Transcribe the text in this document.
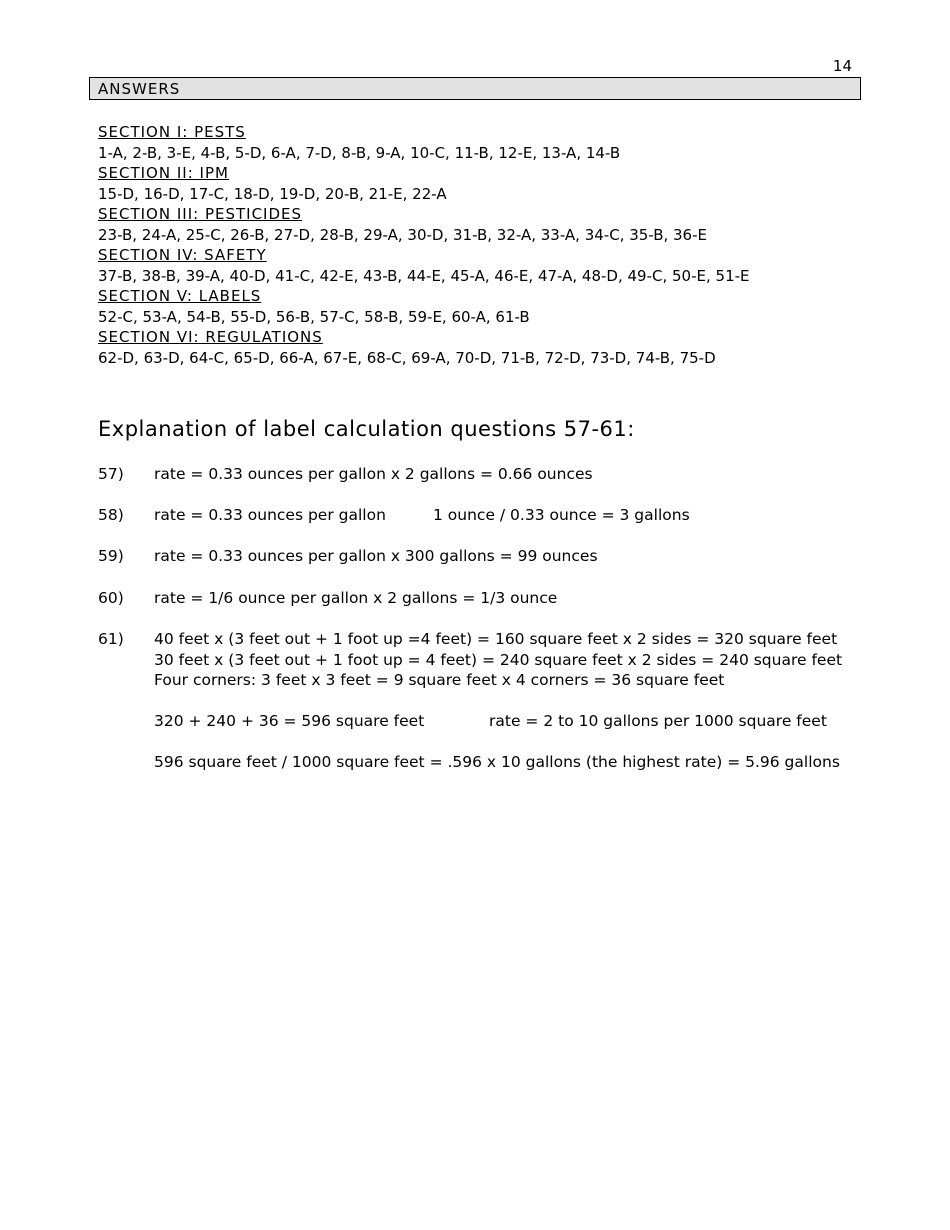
14
ANSWERS
SECTION I: PESTS
1-A, 2-B, 3-E, 4-B, 5-D, 6-A, 7-D, 8-B, 9-A, 10-C, 11-B, 12-E, 13-A, 14-B
SECTION II: IPM
15-D, 16-D, 17-C, 18-D, 19-D, 20-B, 21-E, 22-A
SECTION III: PESTICIDES
23-B, 24-A, 25-C, 26-B, 27-D, 28-B, 29-A, 30-D, 31-B, 32-A, 33-A, 34-C, 35-B, 36-E
SECTION IV: SAFETY
37-B, 38-B, 39-A, 40-D, 41-C, 42-E, 43-B, 44-E, 45-A, 46-E, 47-A, 48-D, 49-C, 50-E, 51-E
SECTION V: LABELS
52-C, 53-A, 54-B, 55-D, 56-B, 57-C, 58-B, 59-E, 60-A, 61-B
SECTION VI: REGULATIONS
62-D, 63-D, 64-C, 65-D, 66-A, 67-E, 68-C, 69-A, 70-D, 71-B, 72-D, 73-D, 74-B, 75-D
Explanation of label calculation questions 57-61:
57) rate = 0.33 ounces per gallon x 2 gallons = 0.66 ounces
58) rate = 0.33 ounces per gallon	1 ounce / 0.33 ounce = 3 gallons
59) rate = 0.33 ounces per gallon x 300 gallons = 99 ounces
60) rate = 1/6 ounce per gallon x 2 gallons = 1/3 ounce
61) 40 feet x (3 feet out + 1 foot up =4 feet) = 160 square feet x 2 sides = 320 square feet
30 feet x (3 feet out + 1 foot up = 4 feet) = 240 square feet x 2 sides = 240 square feet
Four corners: 3 feet x 3 feet = 9 square feet x 4 corners = 36 square feet
320 + 240 + 36 = 596 square feet	rate = 2 to 10 gallons per 1000 square feet
596 square feet / 1000 square feet = .596 x 10 gallons (the highest rate) = 5.96 gallons
